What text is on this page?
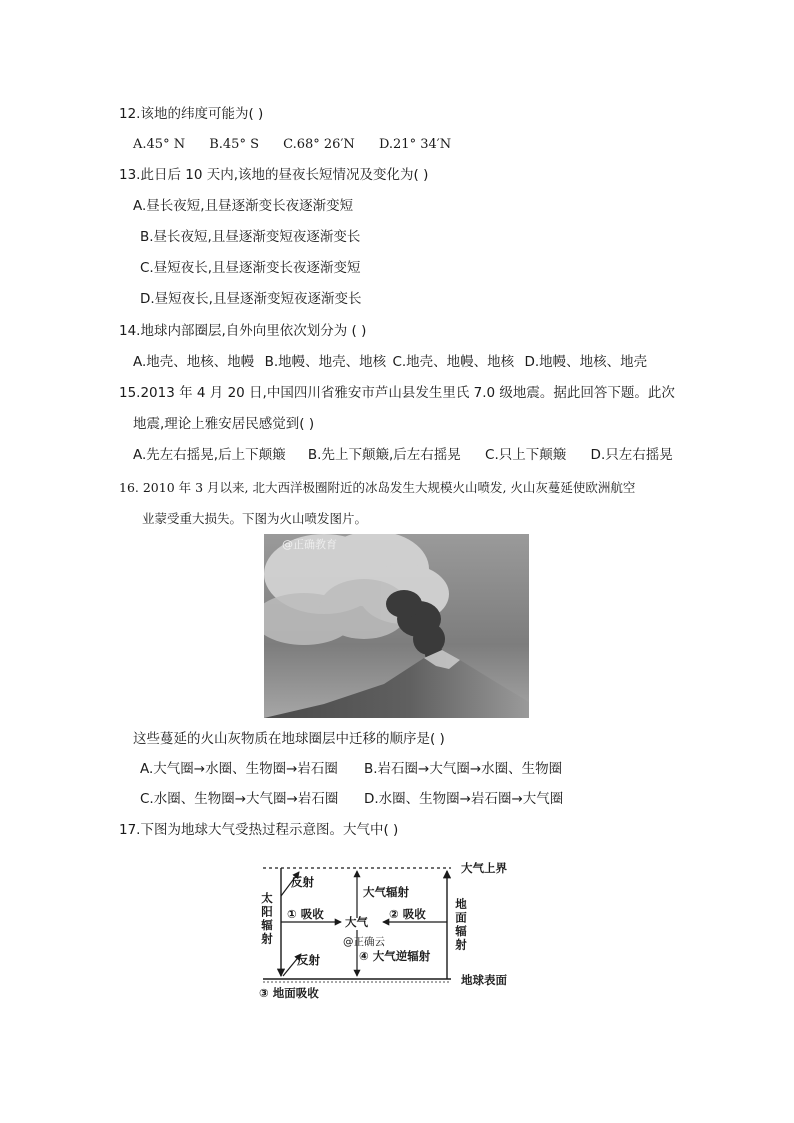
12.该地的纬度可能为( )
A.45° N B.45° S C.68° 26′N D.21° 34′N
13.此日后 10 天内,该地的昼夜长短情况及变化为( )
A.昼长夜短,且昼逐渐变长夜逐渐变短
B.昼长夜短,且昼逐渐变短夜逐渐变长
C.昼短夜长,且昼逐渐变长夜逐渐变短
D.昼短夜长,且昼逐渐变短夜逐渐变长
14.地球内部圈层,自外向里依次划分为 ( )
A.地壳、地核、地幔 B.地幔、地壳、地核 C.地壳、地幔、地核 D.地幔、地核、地壳
15.2013 年 4 月 20 日,中国四川省雅安市芦山县发生里氏 7.0 级地震。据此回答下题。此次
地震,理论上雅安居民感觉到( )
A.先左右摇晃,后上下颠簸 B.先上下颠簸,后左右摇晃 C.只上下颠簸 D.只左右摇晃
16. 2010 年 3 月以来, 北大西洋极圈附近的冰岛发生大规模火山喷发, 火山灰蔓延使欧洲航空
业蒙受重大损失。下图为火山喷发图片。
@正确教育
这些蔓延的火山灰物质在地球圈层中迁移的顺序是( )
A.大气圈→水圈、生物圈→岩石圈 B.岩石圈→大气圈→水圈、生物圈
C.水圈、生物圈→大气圈→岩石圈 D.水圈、生物圈→岩石圈→大气圈
17.下图为地球大气受热过程示意图。大气中( )
大气上界
地球表面
太阳辐射	地面辐射
反射
大气辐射
① 吸收	② 吸收
大气
@正确云
④ 大气逆辐射
反射
③ 地面吸收
